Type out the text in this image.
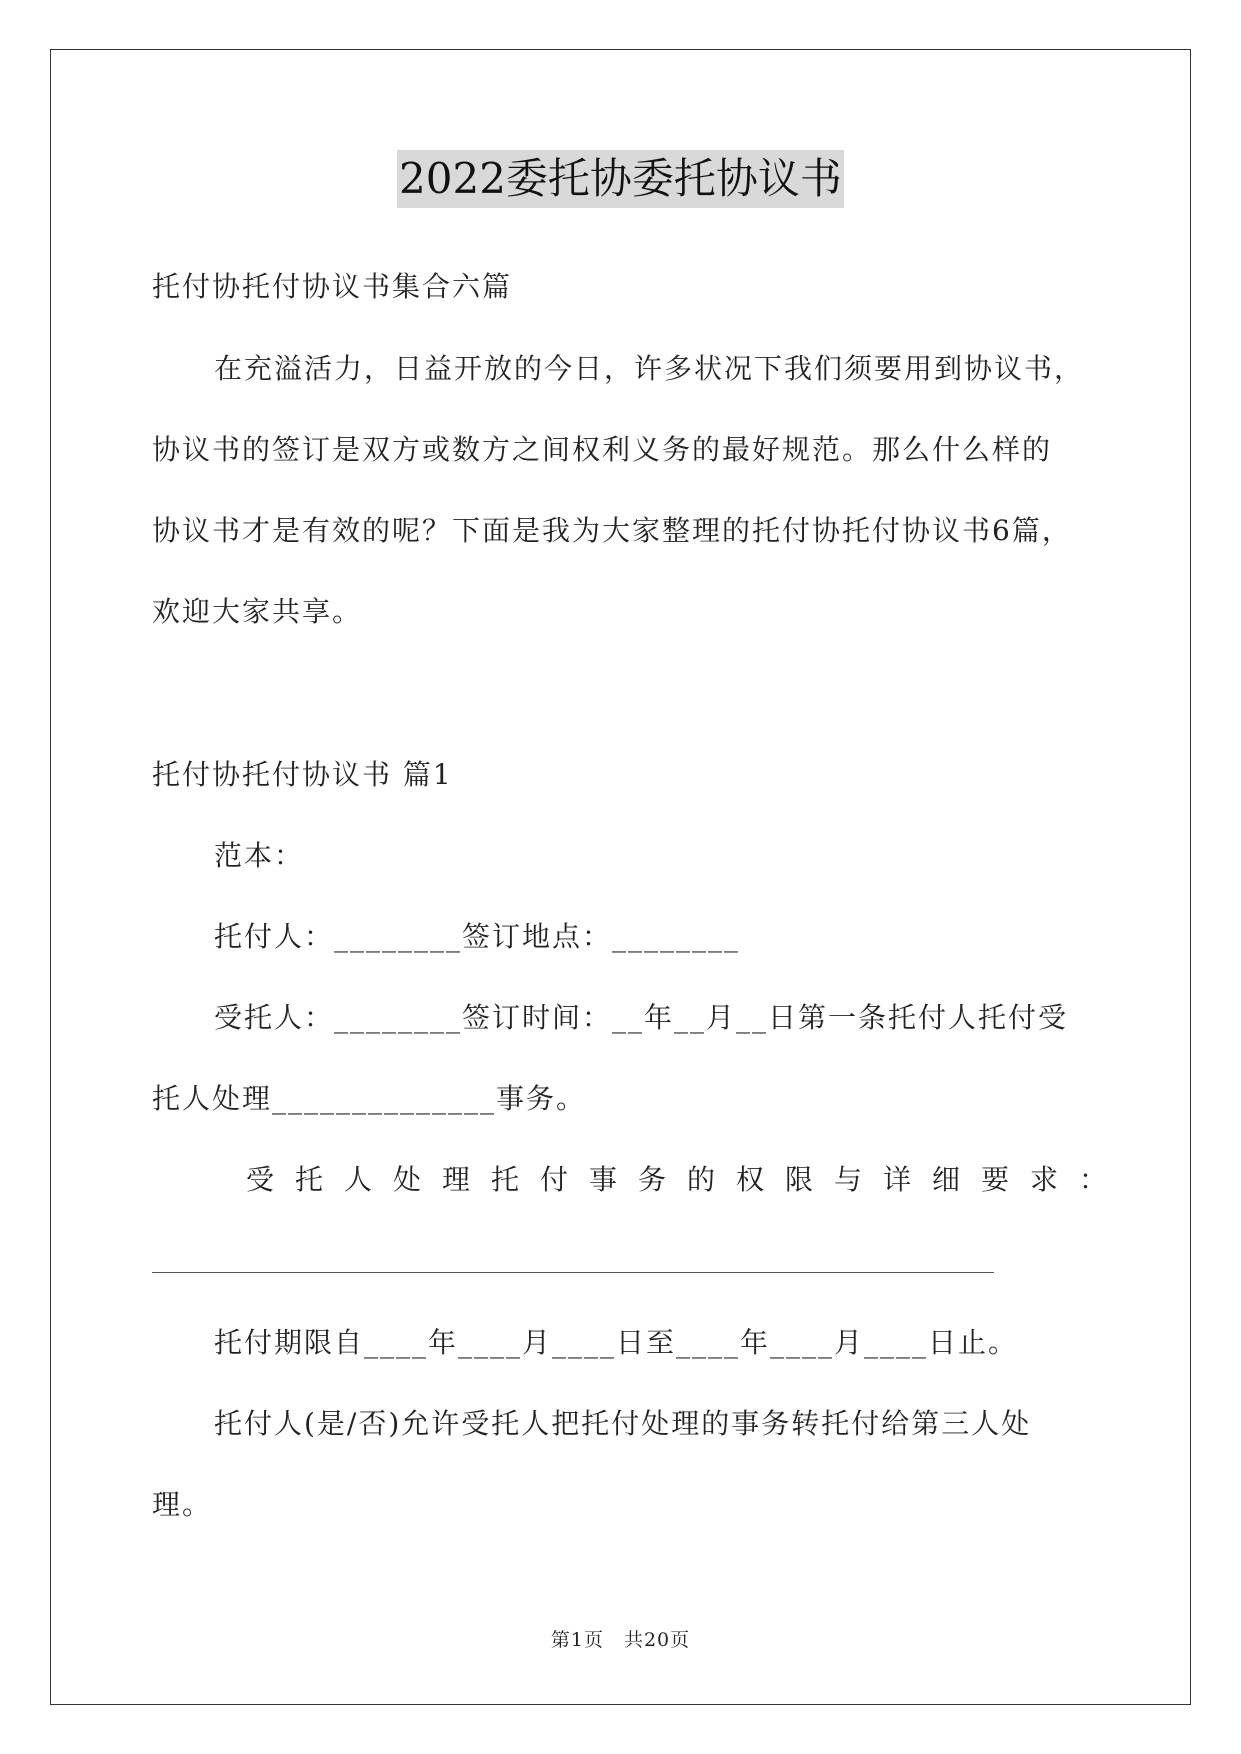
2022委托协委托协议书
托付协托付协议书集合六篇
在充溢活力，日益开放的今日，许多状况下我们须要用到协议书，
协议书的签订是双方或数方之间权利义务的最好规范。那么什么样的
协议书才是有效的呢？下面是我为大家整理的托付协托付协议书6篇，
欢迎大家共享。
托付协托付协议书 篇1
范本：
托付人：________签订地点：________
受托人：________签订时间：__年__月__日第一条托付人托付受
托人处理______________事务。
受托人处理托付事务的权限与详细要求：
托付期限自____年____月____日至____年____月____日止。
托付人(是/否)允许受托人把托付处理的事务转托付给第三人处
理。
第1页　共20页
